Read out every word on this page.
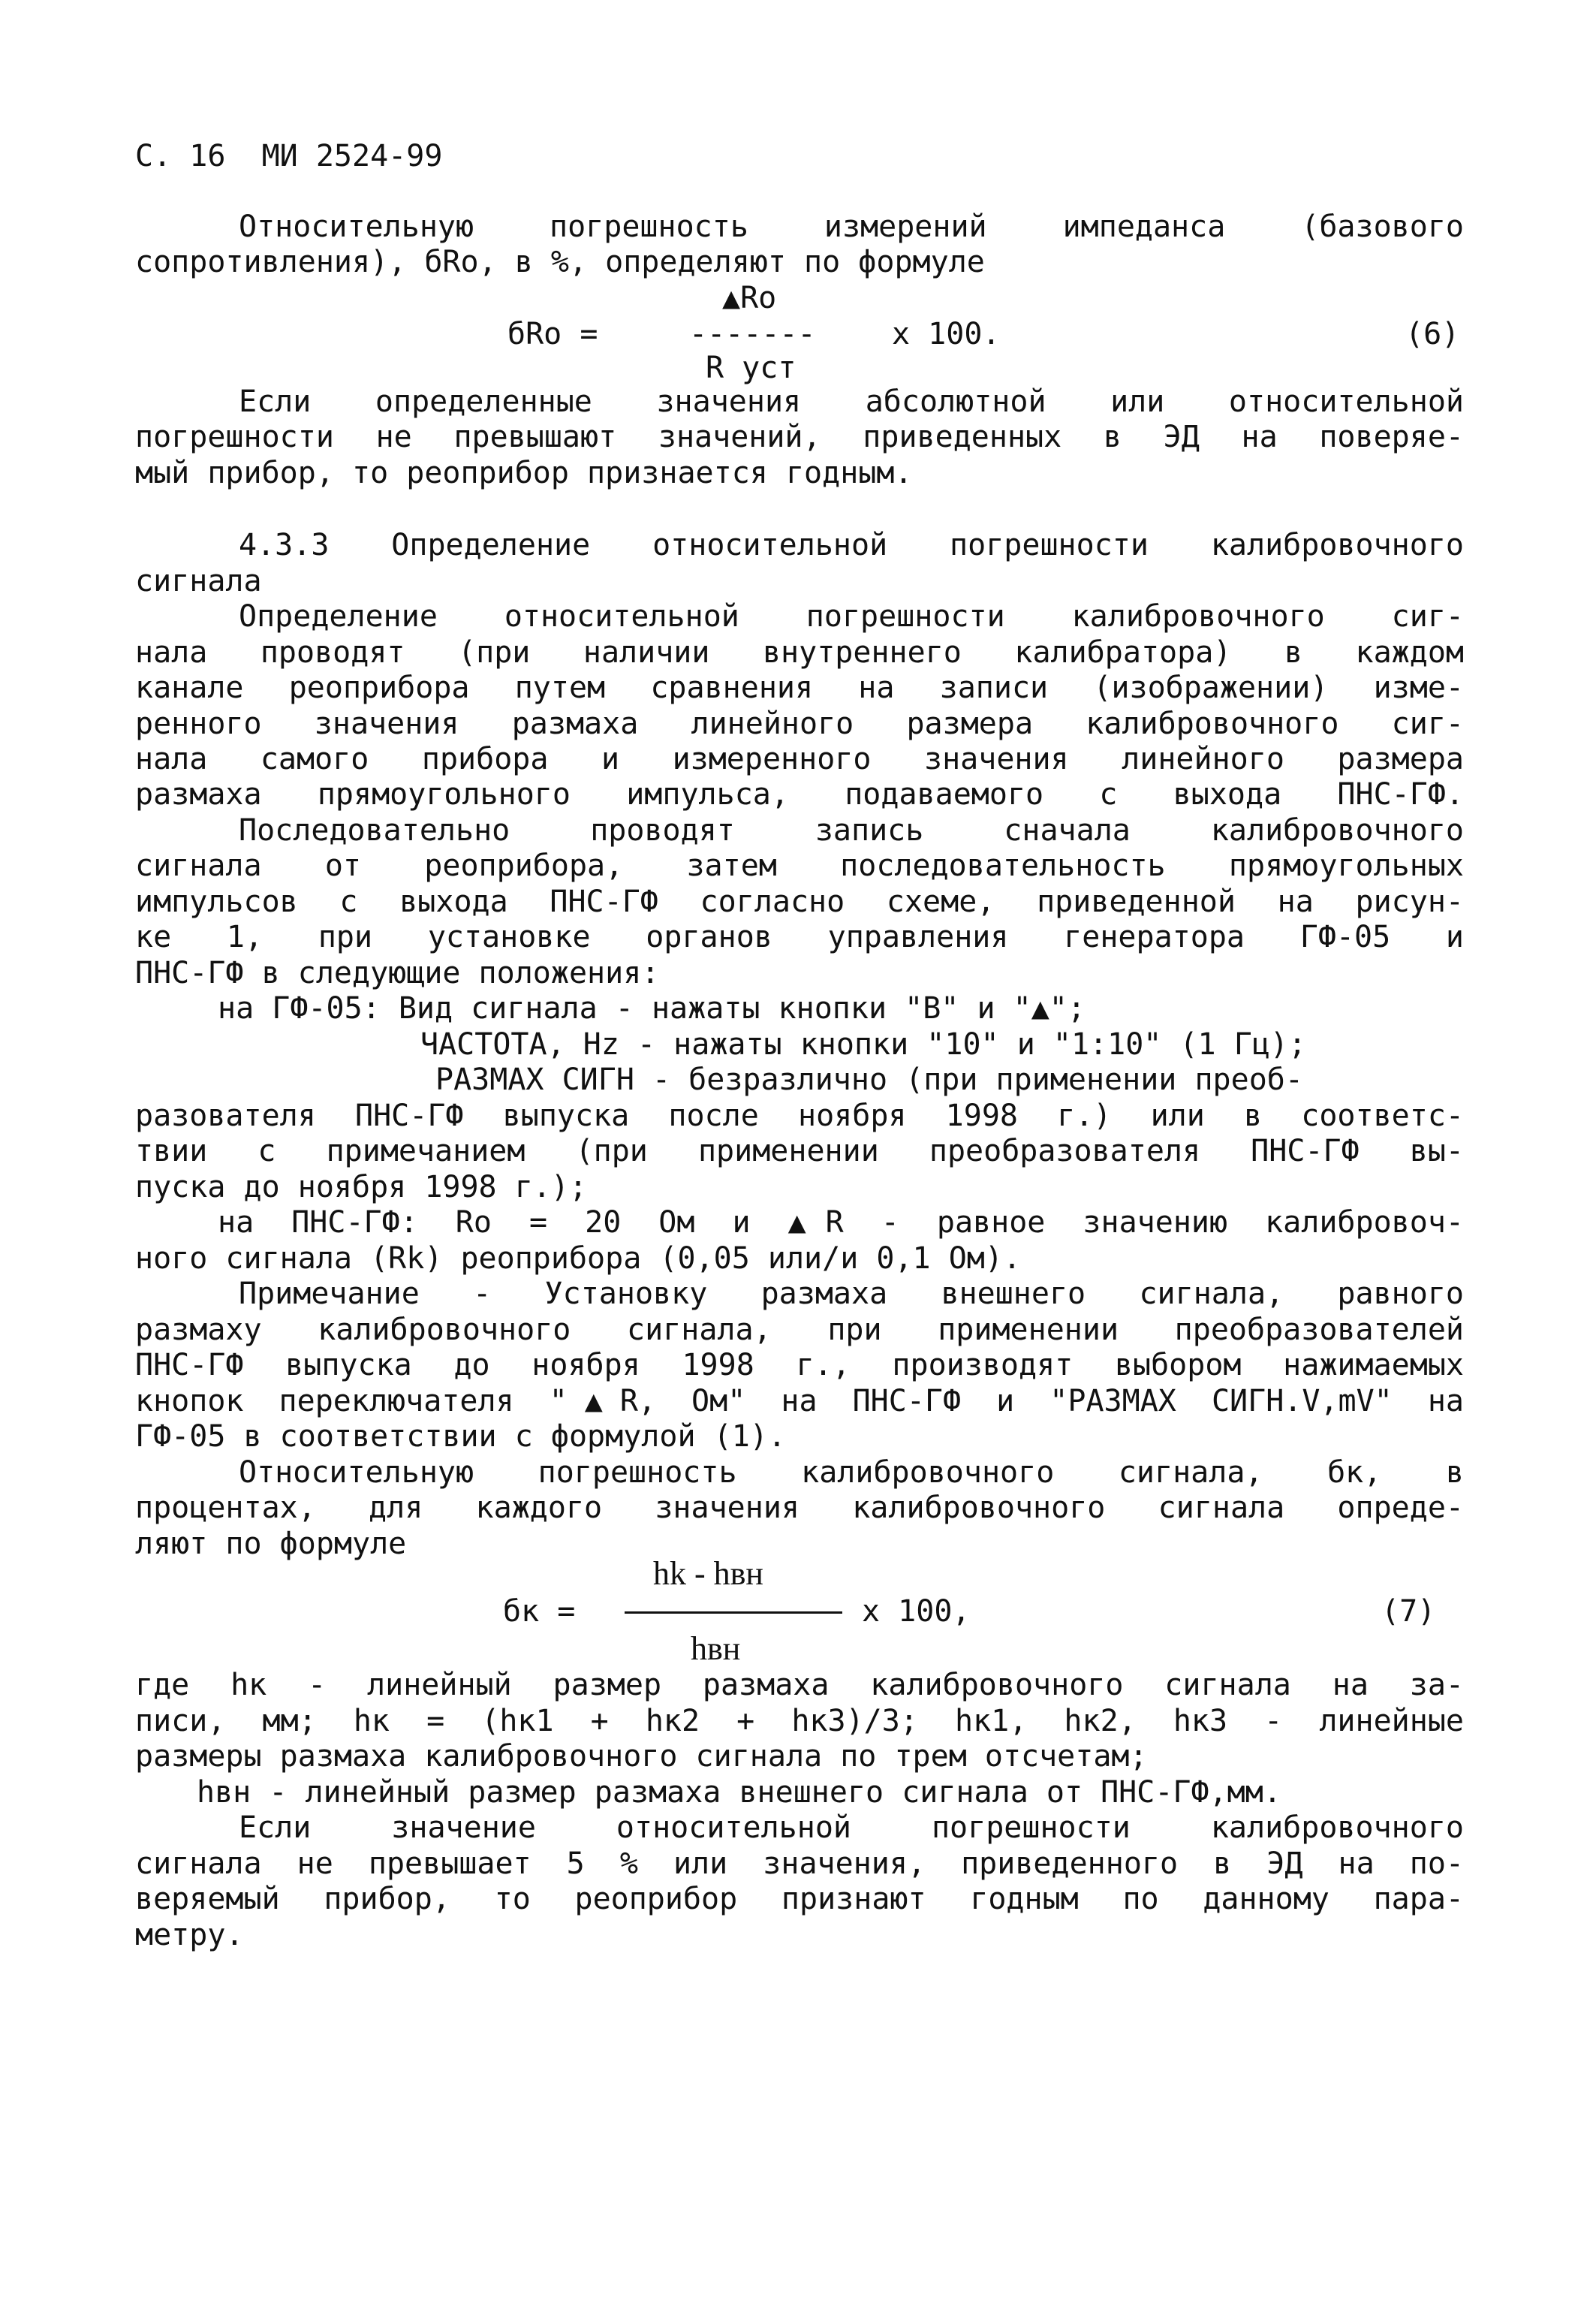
С. 16  МИ 2524-99
Относительную погрешность измерений импеданса (базового
сопротивления), бRo, в %, определяют по формуле
▲Ro
бRo =	-------	x 100.	(6)
R уст
Если определенные значения абсолютной или относительной
погрешности не превышают значений, приведенных в ЭД на поверяе-
мый прибор, то реоприбор признается годным.
4.3.3 Определение относительной погрешности калибровочного
сигнала
Определение относительной погрешности калибровочного сиг-
нала проводят (при наличии внутреннего калибратора) в каждом
канале реоприбора путем сравнения на записи (изображении) изме-
ренного значения размаха линейного размера калибровочного сиг-
нала самого прибора и измеренного значения линейного размера
размаха прямоугольного импульса, подаваемого с выхода ПНС-ГФ.
Последовательно проводят запись сначала калибровочного
сигнала от реоприбора, затем последовательность прямоугольных
импульсов с выхода ПНС-ГФ согласно схеме, приведенной на рисун-
ке 1, при установке органов управления генератора ГФ-05 и
ПНС-ГФ в следующие положения:
на ГФ-05: Вид сигнала - нажаты кнопки "В" и "▲";
ЧАСТОТА, Hz - нажаты кнопки "10" и "1:10" (1 Гц);
РАЗМАХ СИГН - безразлично (при применении преоб-
разователя ПНС-ГФ выпуска после ноября 1998 г.) или в соответс-
твии с примечанием (при применении преобразователя ПНС-ГФ вы-
пуска до ноября 1998 г.);
на ПНС-ГФ: Ro = 20 Ом и ▲R - равное значению калибровоч-
ного сигнала (Rk) реоприбора (0,05 или/и 0,1 Ом).
Примечание - Установку размаха внешнего сигнала, равного
размаху калибровочного сигнала, при применении преобразователей
ПНС-ГФ выпуска до ноября 1998 г., производят выбором нажимаемых
кнопок переключателя "▲R, Ом" на ПНС-ГФ и "РАЗМАХ СИГН.V,mV" на
ГФ-05 в соответствии с формулой (1).
Относительную погрешность калибровочного сигнала, бк, в
процентах, для каждого значения калибровочного сигнала опреде-
ляют по формуле
hk - hвн
бк =	x 100,	(7)
hвн
где hк - линейный размер размаха калибровочного сигнала на за-
писи, мм; hк = (hк1 + hк2 + hк3)/3; hк1, hк2, hк3 - линейные
размеры размаха калибровочного сигнала по трем отсчетам;
hвн - линейный размер размаха внешнего сигнала от ПНС-ГФ,мм.
Если значение относительной погрешности калибровочного
сигнала не превышает 5 % или значения, приведенного в ЭД на по-
веряемый прибор, то реоприбор признают годным по данному пара-
метру.
